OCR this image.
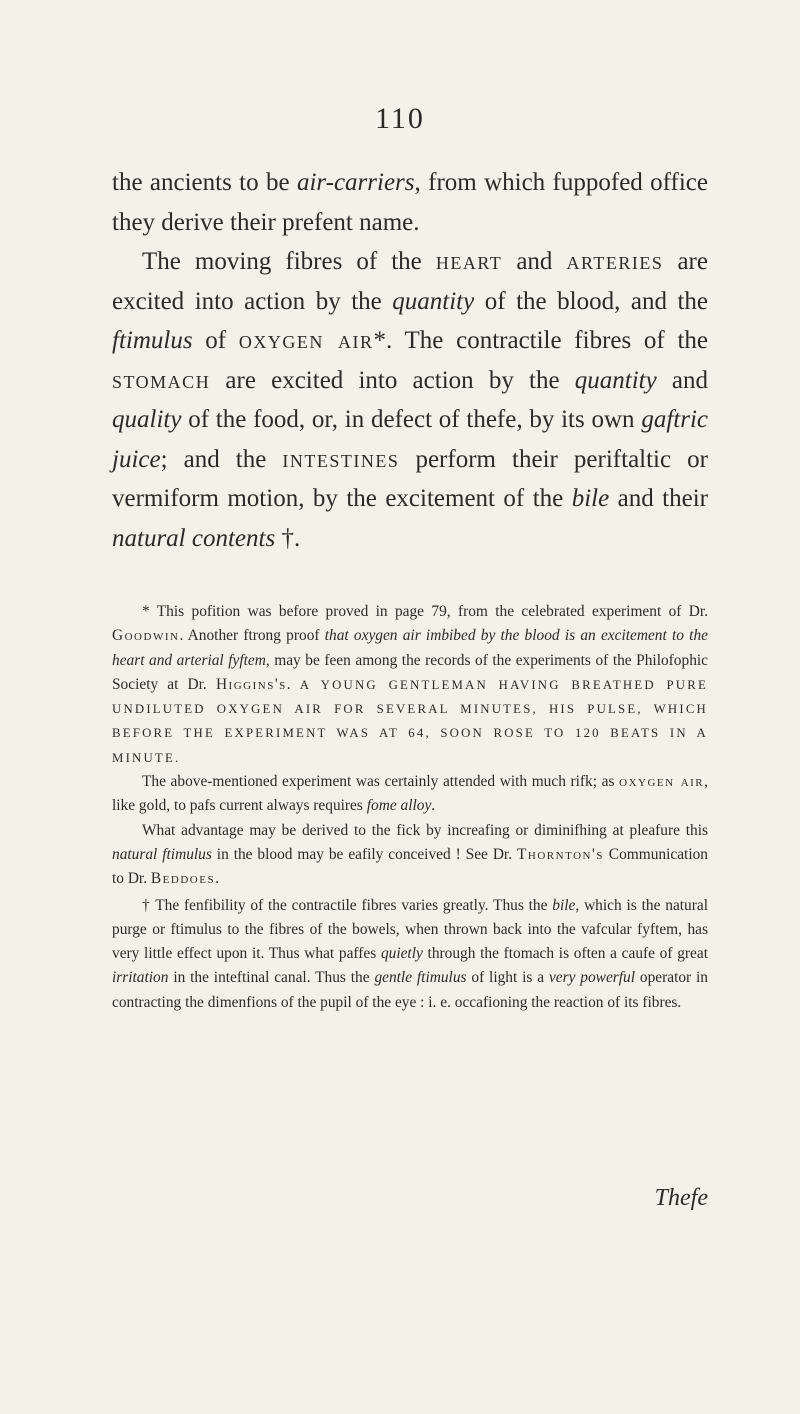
110

the ancients to be air-carriers, from which fuppofed office they derive their prefent name.

The moving fibres of the heart and arteries are excited into action by the quantity of the blood, and the ftimulus of oxygen air*. The contractile fibres of the stomach are excited into action by the quantity and quality of the food, or, in defect of thefe, by its own gaftric juice; and the intestines perform their periftaltic or vermiform motion, by the excitement of the bile and their natural contents †.

* This pofition was before proved in page 79, from the celebrated experiment of Dr. Goodwin. Another ftrong proof that oxygen air imbibed by the blood is an excitement to the heart and arterial fyftem, may be feen among the records of the experiments of the Philofophic Society at Dr. Higgins's. A YOUNG GENTLEMAN HAVING BREATHED PURE UNDILUTED OXYGEN AIR FOR SEVERAL MINUTES, HIS PULSE, WHICH BEFORE THE EXPERIMENT WAS AT 64, SOON ROSE TO 120 BEATS IN A MINUTE.

The above-mentioned experiment was certainly attended with much rifk; as oxygen air, like gold, to pafs current always requires fome alloy.

What advantage may be derived to the fick by increafing or diminifhing at pleafure this natural ftimulus in the blood may be eafily conceived ! See Dr. Thornton's Communication to Dr. Beddoes.

† The fenfibility of the contractile fibres varies greatly. Thus the bile, which is the natural purge or ftimulus to the fibres of the bowels, when thrown back into the vafcular fyftem, has very little effect upon it. Thus what paffes quietly through the ftomach is often a caufe of great irritation in the inteftinal canal. Thus the gentle ftimulus of light is a very powerful operator in contracting the dimenfions of the pupil of the eye : i. e. occafioning the reaction of its fibres.

Thefe
